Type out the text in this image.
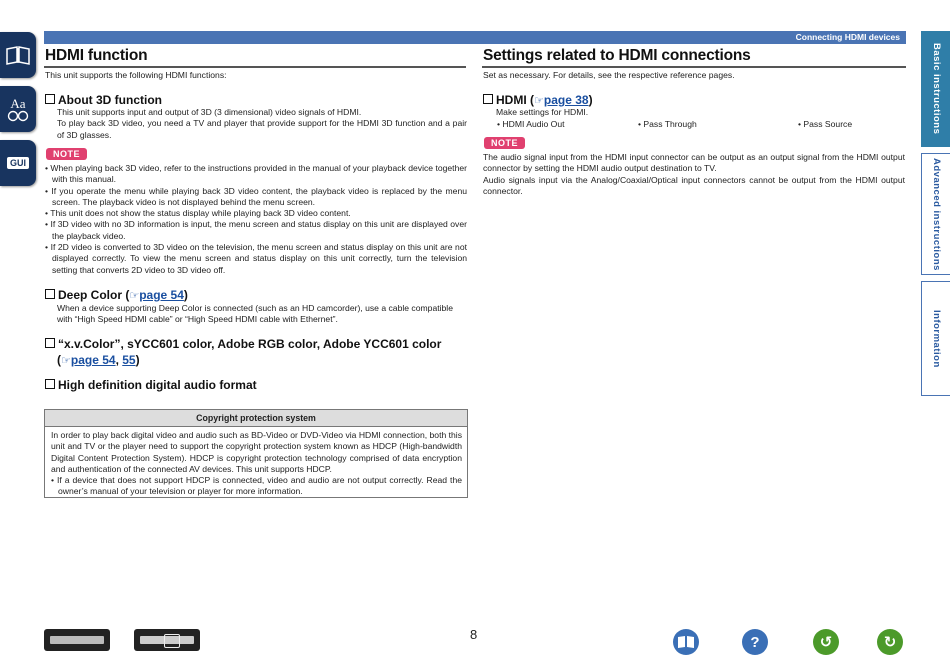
Connecting HDMI devices
Aa
GUI
Basic instructions
Advanced instructions
Information
HDMI function
This unit supports the following HDMI functions:
About 3D function
This unit supports input and output of 3D (3 dimensional) video signals of HDMI.
To play back 3D video, you need a TV and player that provide support for the HDMI 3D function and a pair of 3D glasses.
NOTE
• When playing back 3D video, refer to the instructions provided in the manual of your playback device together with this manual.
• If you operate the menu while playing back 3D video content, the playback video is replaced by the menu screen. The playback video is not displayed behind the menu screen.
• This unit does not show the status display while playing back 3D video content.
• If 3D video with no 3D information is input, the menu screen and status display on this unit are displayed over the playback video.
• If 2D video is converted to 3D video on the television, the menu screen and status display on this unit are not displayed correctly. To view the menu screen and status display on this unit correctly, turn the television setting that converts 2D video to 3D video off.
Deep Color (☞page 54)
When a device supporting Deep Color is connected (such as an HD camcorder), use a cable compatible with “High Speed HDMI cable” or “High Speed HDMI cable with Ethernet”.
“x.v.Color”, sYCC601 color, Adobe RGB color, Adobe YCC601 color
(☞page 54, 55)
High definition digital audio format
Copyright protection system
In order to play back digital video and audio such as BD-Video or DVD-Video via HDMI connection, both this unit and TV or the player need to support the copyright protection system known as HDCP (High-bandwidth Digital Content Protection System). HDCP is copyright protection technology comprised of data encryption and authentication of the connected AV devices. This unit supports HDCP.
• If a device that does not support HDCP is connected, video and audio are not output correctly. Read the owner’s manual of your television or player for more information.
Settings related to HDMI connections
Set as necessary. For details, see the respective reference pages.
HDMI (☞page 38)
Make settings for HDMI.
• HDMI Audio Out	• Pass Through	• Pass Source
NOTE
The audio signal input from the HDMI input connector can be output as an output signal from the HDMI output connector by setting the HDMI audio output destination to TV.
Audio signals input via the Analog/Coaxial/Optical input connectors cannot be output from the HDMI output connector.
8	?	↺	↻
